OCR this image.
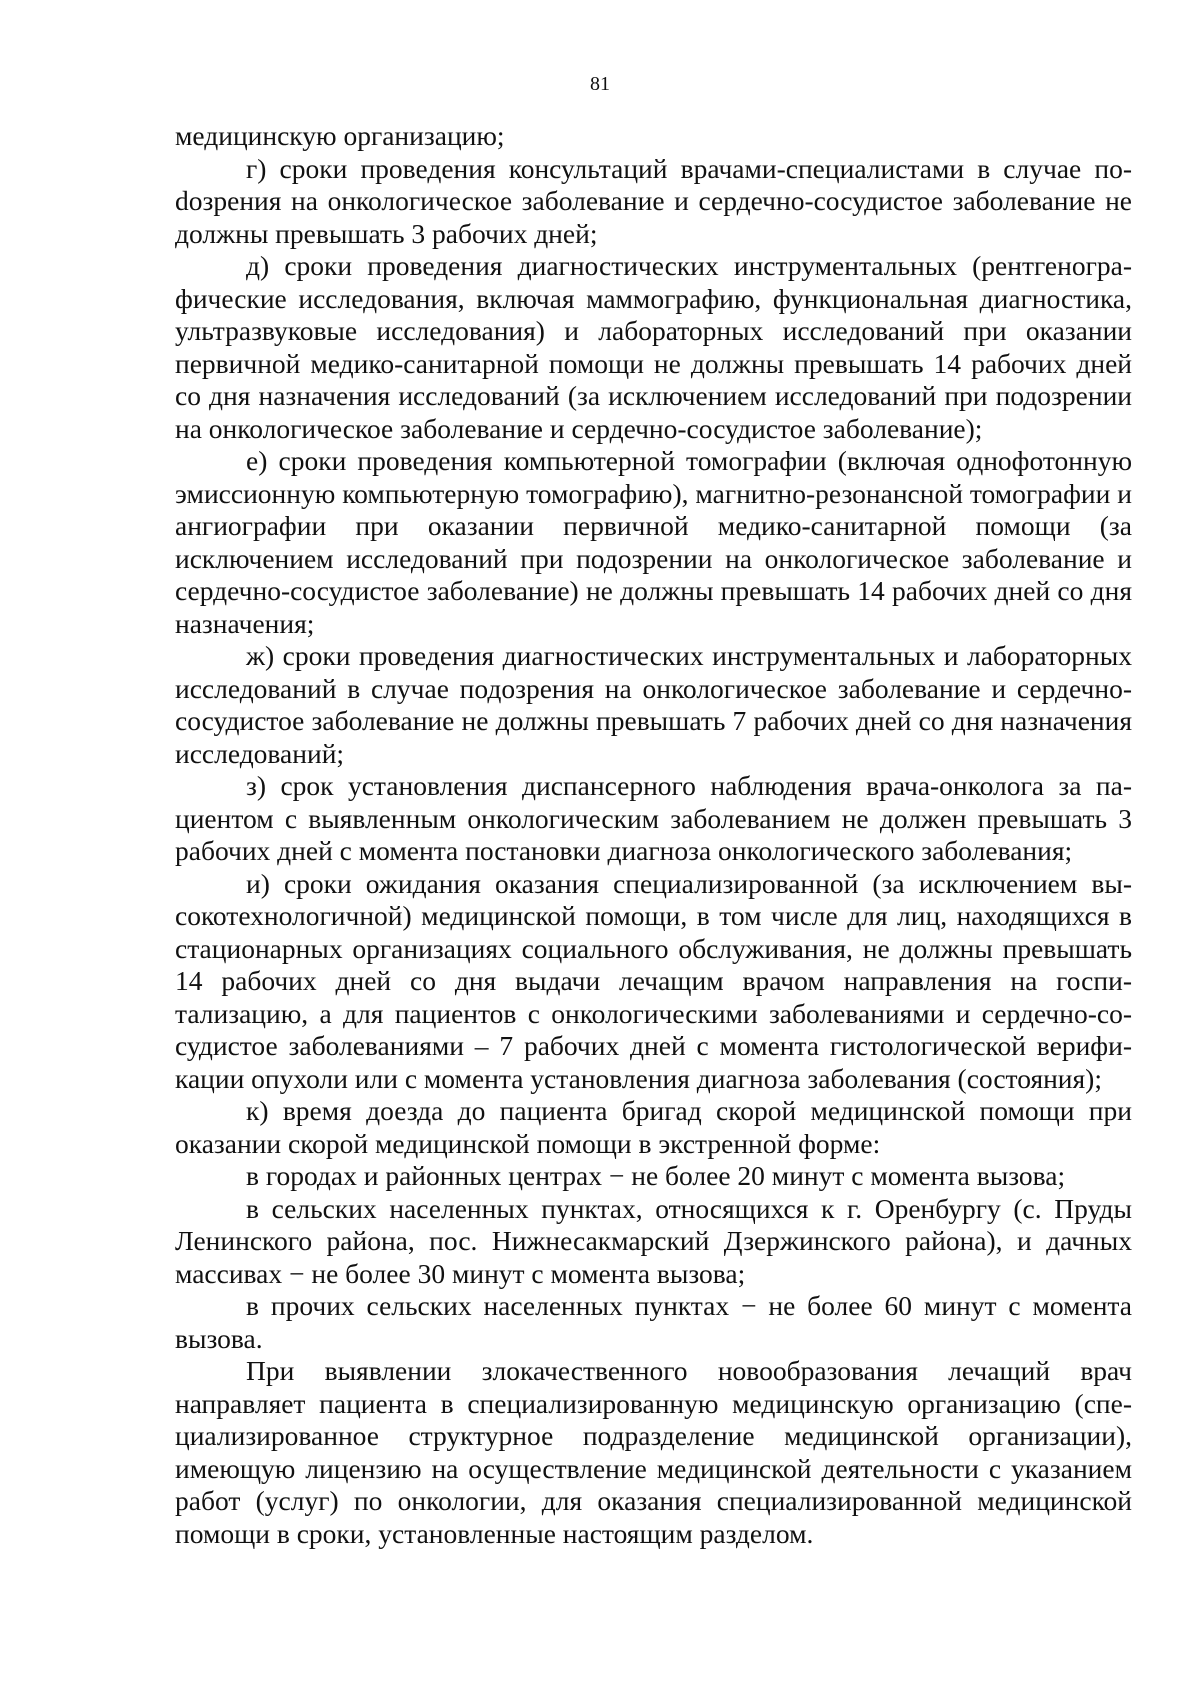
81

медицинскую организацию;

г) сроки проведения консультаций врачами-специалистами в случае поdозрения на онкологическое заболевание и сердечно-сосудистое заболевание не должны превышать 3 рабочих дней;

д) сроки проведения диагностических инструментальных (рентгенографические исследования, включая маммографию, функциональная диагностика, ультразвуковые исследования) и лабораторных исследований при оказании первичной медико-санитарной помощи не должны превышать 14 рабочих дней со дня назначения исследований (за исключением исследований при подозрении на онкологическое заболевание и сердечно-сосудистое заболевание);

е) сроки проведения компьютерной томографии (включая однофотонную эмиссионную компьютерную томографию), магнитно-резонансной томографии и ангиографии при оказании первичной медико-санитарной помощи (за исключением исследований при подозрении на онкологическое заболевание и сердечно-сосудистое заболевание) не должны превышать 14 рабочих дней со дня назначения;

ж) сроки проведения диагностических инструментальных и лабораторных исследований в случае подозрения на онкологическое заболевание и сердечно-сосудистое заболевание не должны превышать 7 рабочих дней со дня назначения исследований;

з) срок установления диспансерного наблюдения врача-онколога за пациентом с выявленным онкологическим заболеванием не должен превышать 3 рабочих дней с момента постановки диагноза онкологического заболевания;

и) сроки ожидания оказания специализированной (за исключением высокотехнологичной) медицинской помощи, в том числе для лиц, находящихся в стационарных организациях социального обслуживания, не должны превышать 14 рабочих дней со дня выдачи лечащим врачом направления на госпитализацию, а для пациентов с онкологическими заболеваниями и сердечно-сосудистое заболеваниями – 7 рабочих дней с момента гистологической верификации опухоли или с момента установления диагноза заболевания (состояния);

к) время доезда до пациента бригад скорой медицинской помощи при оказании скорой медицинской помощи в экстренной форме:

в городах и районных центрах − не более 20 минут с момента вызова;

в сельских населенных пунктах, относящихся к г. Оренбургу (с. Пруды Ленинского района, пос. Нижнесакмарский Дзержинского района), и дачных массивах − не более 30 минут с момента вызова;

в прочих сельских населенных пунктах − не более 60 минут с момента вызова.

При выявлении злокачественного новообразования лечащий врач направляет пациента в специализированную медицинскую организацию (специализированное структурное подразделение медицинской организации), имеющую лицензию на осуществление медицинской деятельности с указанием работ (услуг) по онкологии, для оказания специализированной медицинской помощи в сроки, установленные настоящим разделом.
